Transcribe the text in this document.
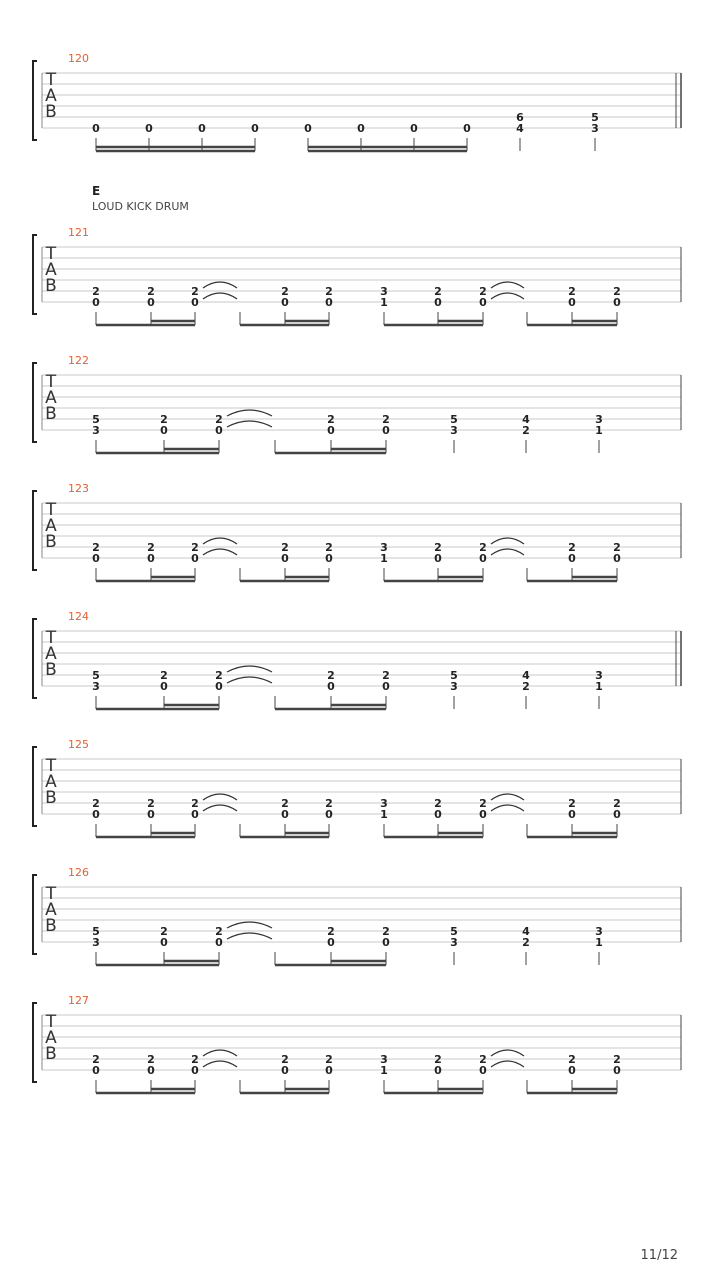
E
LOUD KICK DRUM
T
A
B
120
0	0	0	0	0	0	0	0
6
4
5
3
T
A
B
121
2
0
2
0
2
0
2
0
2
0
3
1
2
0
2
0
2
0
2
0
T
A
B
122
5
3
2
0
2
0
2
0
2
0
5
3
4
2
3
1
T
A
B
123
2
0
2
0
2
0
2
0
2
0
3
1
2
0
2
0
2
0
2
0
T
A
B
124
5
3
2
0
2
0
2
0
2
0
5
3
4
2
3
1
T
A
B
125
2
0
2
0
2
0
2
0
2
0
3
1
2
0
2
0
2
0
2
0
T
A
B
126
5
3
2
0
2
0
2
0
2
0
5
3
4
2
3
1
T
A
B
127
2
0
2
0
2
0
2
0
2
0
3
1
2
0
2
0
2
0
2
0
11/12
